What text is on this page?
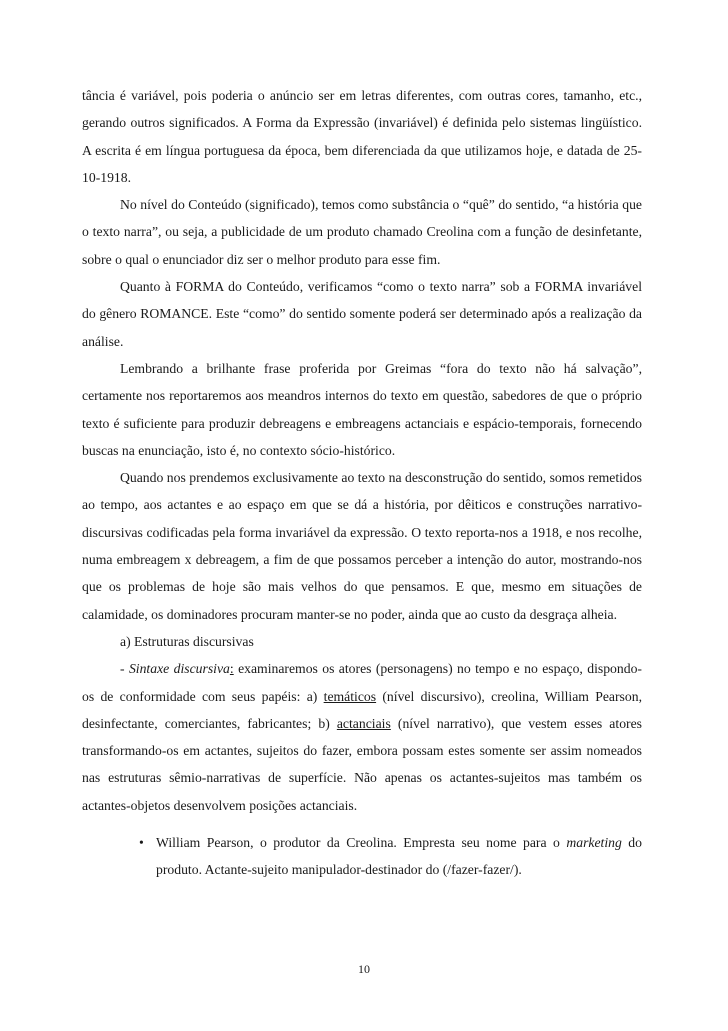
tância é variável, pois poderia o anúncio ser em letras diferentes, com outras cores, tamanho, etc., gerando outros significados. A Forma da Expressão (invariável) é definida pelo sistemas lingüístico. A escrita é em língua portuguesa da época, bem diferenciada da que utilizamos hoje, e datada de 25-10-1918.

No nível do Conteúdo (significado), temos como substância o “quê” do sentido, “a história que o texto narra”, ou seja, a publicidade de um produto chamado Creolina com a função de desinfetante, sobre o qual o enunciador diz ser o melhor produto para esse fim.

Quanto à FORMA do Conteúdo, verificamos “como o texto narra” sob a FORMA invariável do gênero ROMANCE. Este “como” do sentido somente poderá ser determinado após a realização da análise.

Lembrando a brilhante frase proferida por Greimas “fora do texto não há salvação”, certamente nos reportaremos aos meandros internos do texto em questão, sabedores de que o próprio texto é suficiente para produzir debreagens e embreagens actanciais e espácio-temporais, fornecendo buscas na enunciação, isto é, no contexto sócio-histórico.

Quando nos prendemos exclusivamente ao texto na desconstrução do sentido, somos remetidos ao tempo, aos actantes e ao espaço em que se dá a história, por dêiticos e construções narrativo-discursivas codificadas pela forma invariável da expressão. O texto reporta-nos a 1918, e nos recolhe, numa embreagem x debreagem, a fim de que possamos perceber a intenção do autor, mostrando-nos que os problemas de hoje são mais velhos do que pensamos. E que, mesmo em situações de calamidade, os dominadores procuram manter-se no poder, ainda que ao custo da desgraça alheia.

a) Estruturas discursivas

- Sintaxe discursiva: examinaremos os atores (personagens) no tempo e no espaço, dispondo-os de conformidade com seus papéis: a) temáticos (nível discursivo), creolina, William Pearson, desinfectante, comerciantes, fabricantes; b) actanciais (nível narrativo), que vestem esses atores transformando-os em actantes, sujeitos do fazer, embora possam estes somente ser assim nomeados nas estruturas sêmio-narrativas de superfície. Não apenas os actantes-sujeitos mas também os actantes-objetos desenvolvem posições actanciais.

• William Pearson, o produtor da Creolina. Empresta seu nome para o marketing do produto. Actante-sujeito manipulador-destinador do (/fazer-fazer/).
10
